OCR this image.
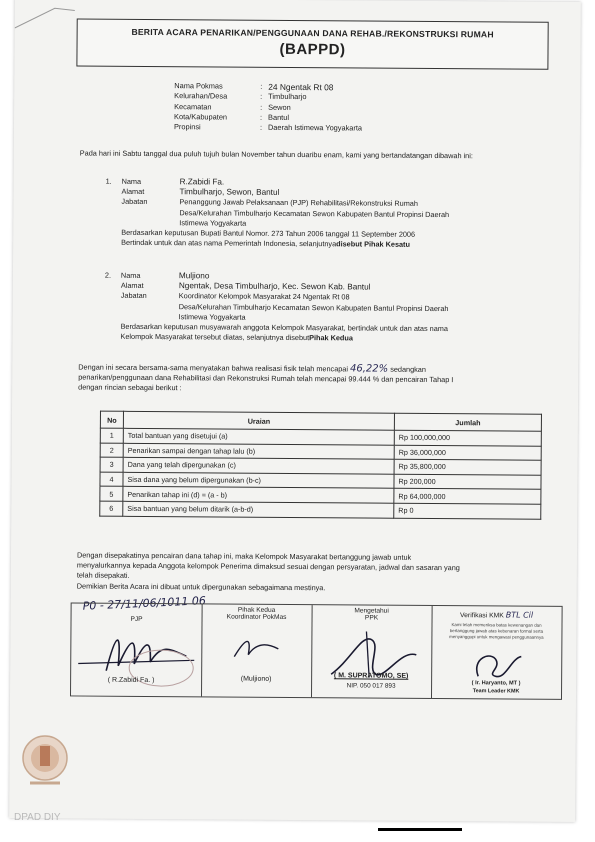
BERITA ACARA PENARIKAN/PENGGUNAAN DANA REHAB./REKONSTRUKSI RUMAH
(BAPPD)
Nama Pokmas	: 24 Ngentak Rt 08
Kelurahan/Desa	: Timbulharjo
Kecamatan	: Sewon
Kota/Kabupaten	: Bantul
Propinsi	: Daerah Istimewa Yogyakarta
Pada hari ini Sabtu tanggal dua puluh tujuh bulan November tahun duaribu enam, kami yang bertandatangan dibawah ini:
1.	Nama	R.Zabidi Fa.
Alamat	Timbulharjo, Sewon, Bantul
Jabatan	Penanggung Jawab Pelaksanaan (PJP) Rehabilitasi/Rekonstruksi Rumah
Desa/Kelurahan Timbulharjo Kecamatan Sewon Kabupaten Bantul Propinsi Daerah
Istimewa Yogyakarta
Berdasarkan keputusan Bupati Bantul Nomor. 273 Tahun 2006 tanggal 11 September 2006
Bertindak untuk dan atas nama Pemerintah Indonesia, selanjutnya disebut Pihak Kesatu
2.	Nama	Muljiono
Alamat	Ngentak, Desa Timbulharjo, Kec. Sewon Kab. Bantul
Jabatan	Koordinator Kelompok Masyarakat 24 Ngentak Rt 08
Desa/Kelurahan Timbulharjo Kecamatan Sewon Kabupaten Bantul Propinsi Daerah
Istimewa Yogyakarta
Berdasarkan keputusan musyawarah anggota Kelompok Masyarakat, bertindak untuk dan atas nama
Kelompok Masyarakat tersebut diatas, selanjutnya disebut Pihak Kedua
Dengan ini secara bersama-sama menyatakan bahwa realisasi fisik telah mencapai 46,22% sedangkan
penarikan/penggunaan dana Rehabilitasi dan Rekonstruksi Rumah telah mencapai 99.444 % dan pencairan Tahap I
dengan rincian sebagai berikut :
No	Uraian	Jumlah
1	Total bantuan yang disetujui (a)	Rp 100,000,000
2	Penarikan sampai dengan tahap lalu (b)	Rp 36,000,000
3	Dana yang telah dipergunakan (c)	Rp 35,800,000
4	Sisa dana yang belum dipergunakan (b-c)	Rp 200,000
5	Penarikan tahap ini (d) = (a - b)	Rp 64,000,000
6	Sisa bantuan yang belum ditarik (a-b-d)	Rp 0
Dengan disepakatinya pencairan dana tahap ini, maka Kelompok Masyarakat bertanggung jawab untuk
menyalurkannya kepada Anggota kelompok Penerima dimaksud sesuai dengan persyaratan, jadwal dan sasaran yang
telah disepakati.
Demikian Berita Acara ini dibuat untuk dipergunakan sebagaimana mestinya.
P0 - 27/11/06/1011 06
PJP
( R.Zabidi Fa. )
Pihak Kedua
Koordinator PokMas
(Muljiono)
Mengetahui
PPK
( M. SUPRATOMO, SE)
NIP. 050 017 893
Verifikasi KMK BTL Cil
Kami telah memeriksa batas kewenangan dan bertanggung jawab atas kebenaran formal serta menyanggupi untuk mengawasi penggunaannya
( Ir. Haryanto, MT )
Team Leader KMK
DPAD DIY
